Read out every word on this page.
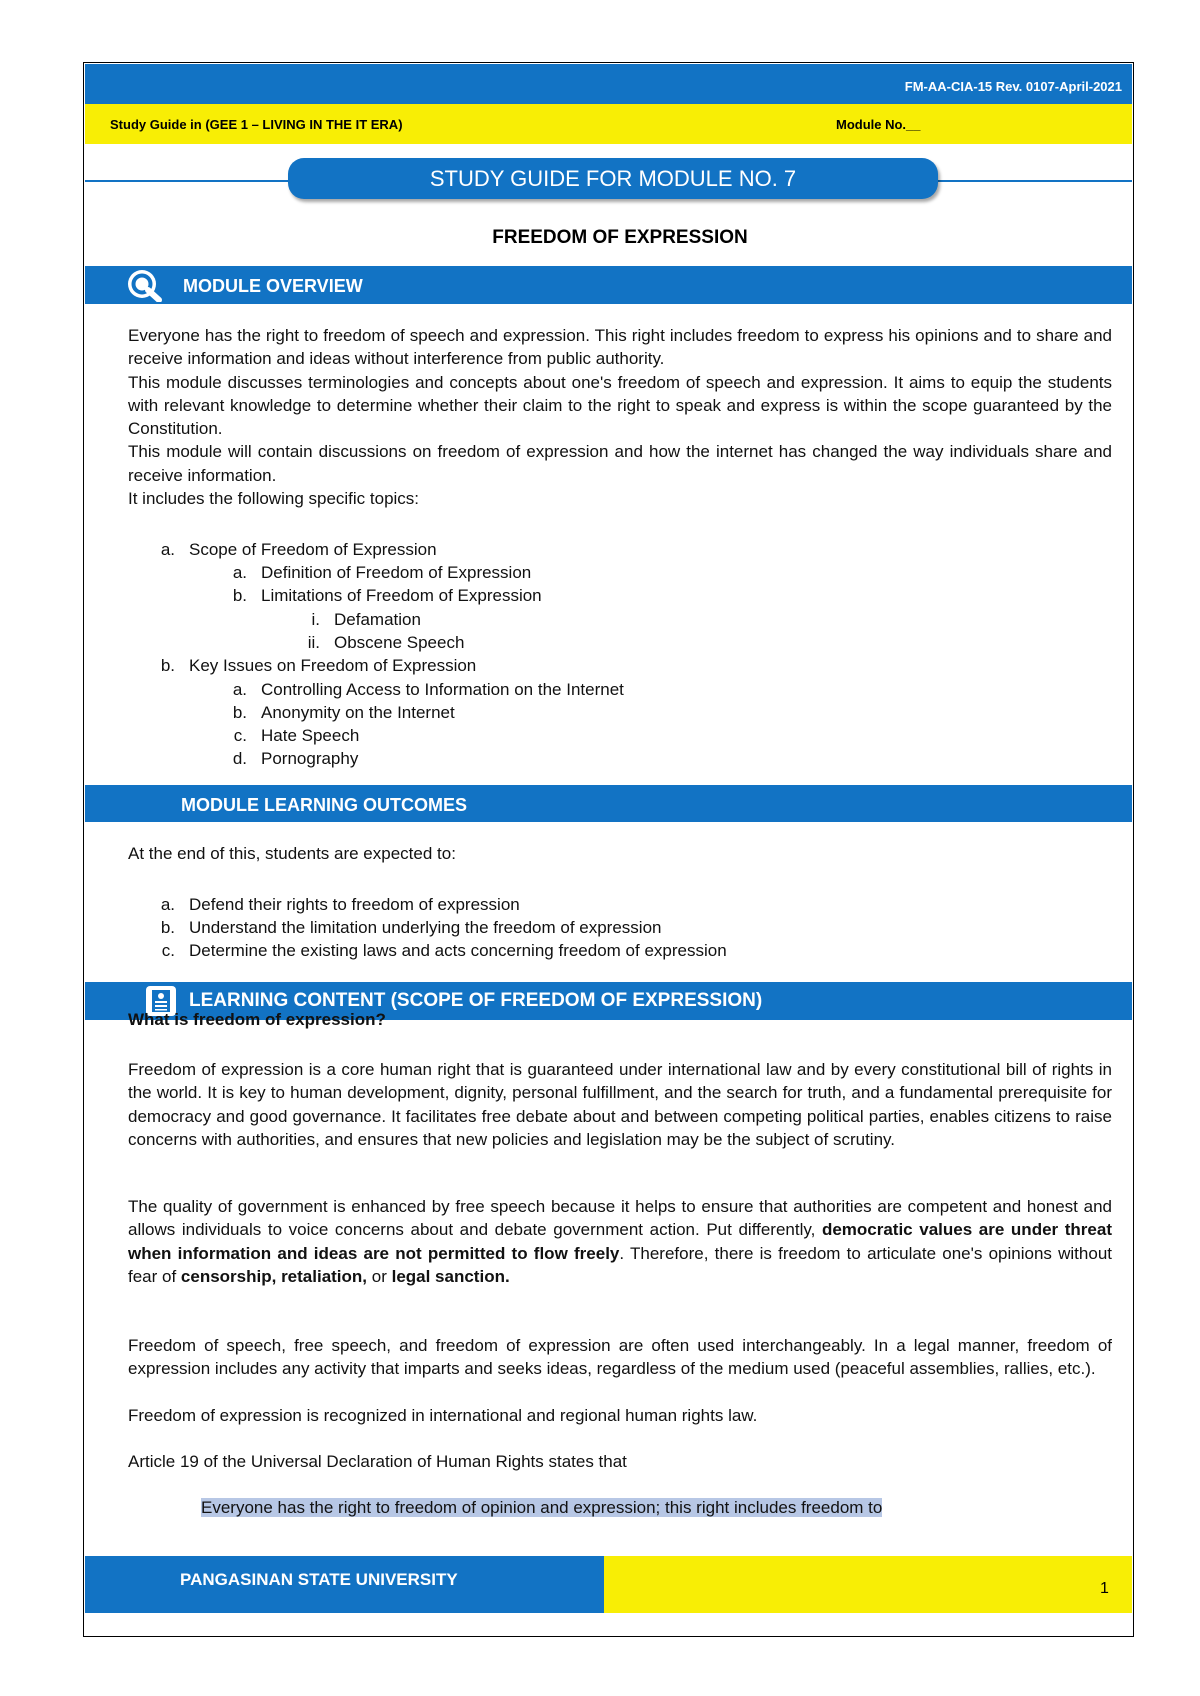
FM-AA-CIA-15 Rev. 0107-April-2021
Study Guide in (GEE 1 – LIVING IN THE IT ERA)	Module No.__
STUDY GUIDE FOR MODULE NO. 7
FREEDOM OF EXPRESSION
MODULE OVERVIEW

Everyone has the right to freedom of speech and expression. This right includes freedom to express his opinions and to share and receive information and ideas without interference from public authority.

This module discusses terminologies and concepts about one's freedom of speech and expression. It aims to equip the students with relevant knowledge to determine whether their claim to the right to speak and express is within the scope guaranteed by the Constitution.

This module will contain discussions on freedom of expression and how the internet has changed the way individuals share and receive information.

It includes the following specific topics:

a. Scope of Freedom of Expression
a. Definition of Freedom of Expression
b. Limitations of Freedom of Expression
i. Defamation
ii. Obscene Speech
b. Key Issues on Freedom of Expression
a. Controlling Access to Information on the Internet
b. Anonymity on the Internet
c. Hate Speech
d. Pornography
MODULE LEARNING OUTCOMES
At the end of this, students are expected to:
a. Defend their rights to freedom of expression
b. Understand the limitation underlying the freedom of expression
c. Determine the existing laws and acts concerning freedom of expression
LEARNING CONTENT (SCOPE OF FREEDOM OF EXPRESSION)
What is freedom of expression?
Freedom of expression is a core human right that is guaranteed under international law and by every constitutional bill of rights in the world. It is key to human development, dignity, personal fulfillment, and the search for truth, and a fundamental prerequisite for democracy and good governance. It facilitates free debate about and between competing political parties, enables citizens to raise concerns with authorities, and ensures that new policies and legislation may be the subject of scrutiny.
The quality of government is enhanced by free speech because it helps to ensure that authorities are competent and honest and allows individuals to voice concerns about and debate government action. Put differently, democratic values are under threat when information and ideas are not permitted to flow freely. Therefore, there is freedom to articulate one's opinions without fear of censorship, retaliation, or legal sanction.
Freedom of speech, free speech, and freedom of expression are often used interchangeably. In a legal manner, freedom of expression includes any activity that imparts and seeks ideas, regardless of the medium used (peaceful assemblies, rallies, etc.).
Freedom of expression is recognized in international and regional human rights law.
Article 19 of the Universal Declaration of Human Rights states that
Everyone has the right to freedom of opinion and expression; this right includes freedom to
PANGASINAN STATE UNIVERSITY	1
